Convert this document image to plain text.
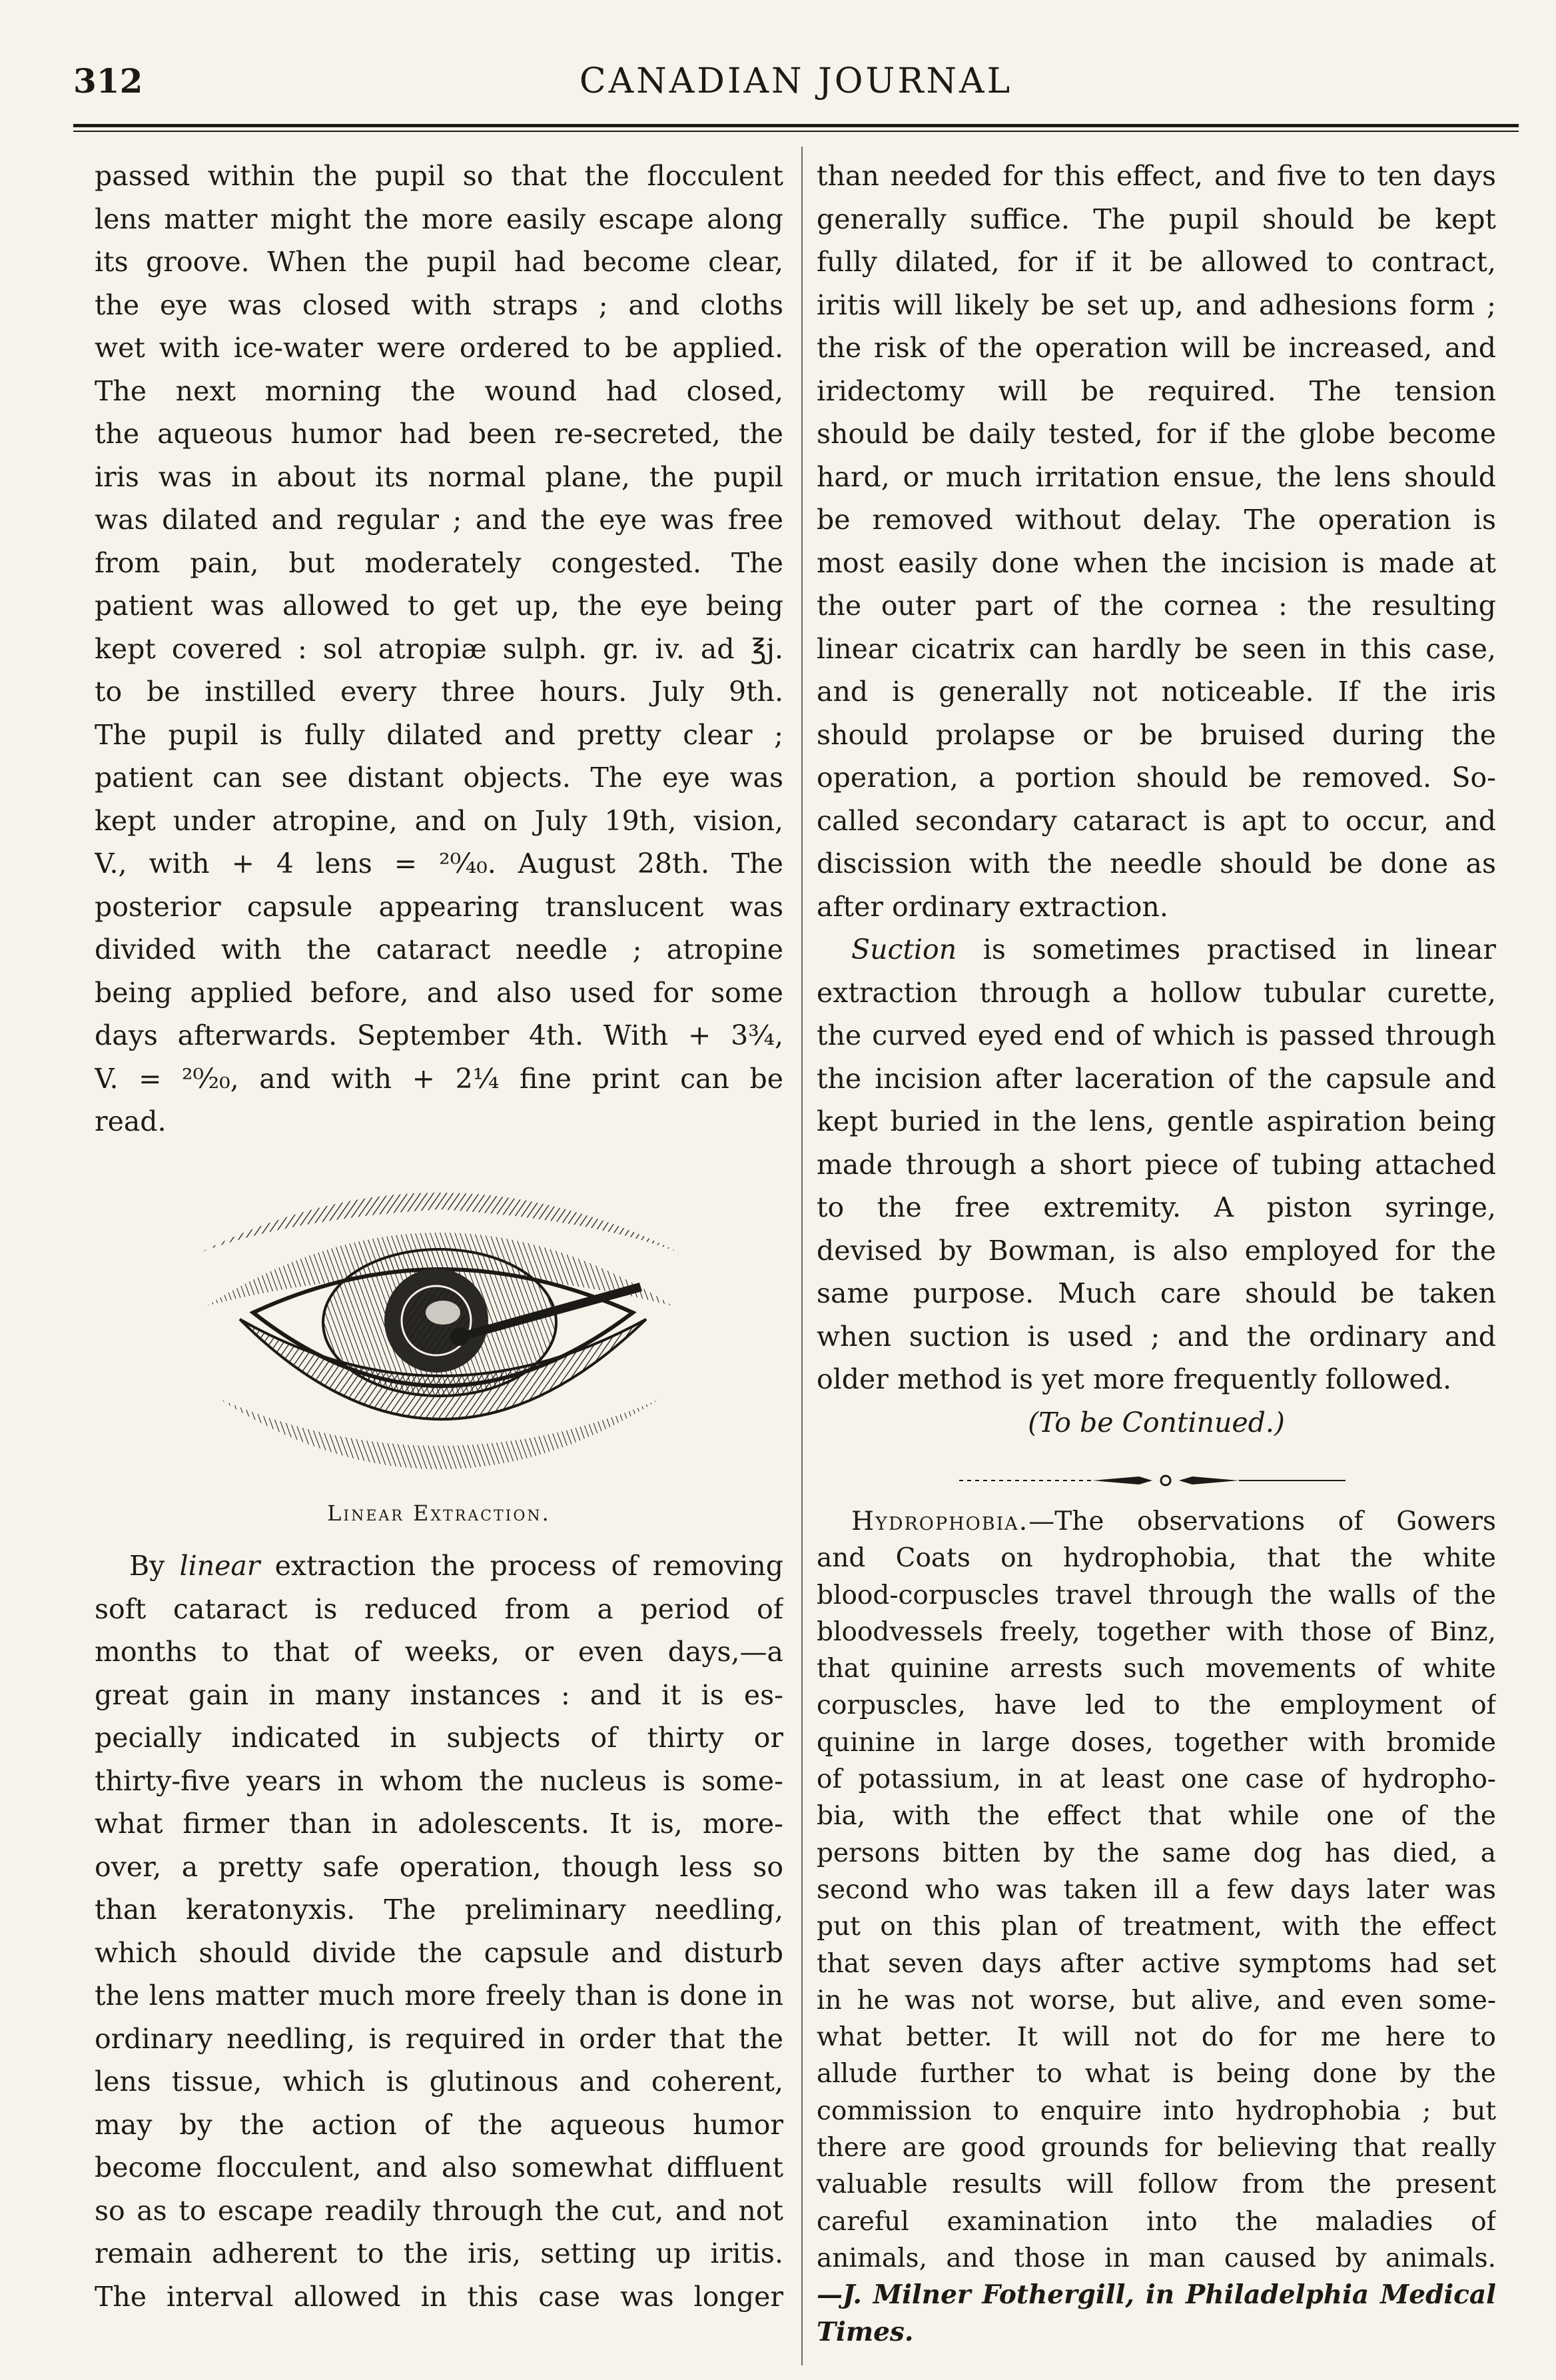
312	CANADIAN JOURNAL
passed within the pupil so that the flocculent
lens matter might the more easily escape along
its groove. When the pupil had become clear,
the eye was closed with straps ; and cloths
wet with ice-water were ordered to be applied.
The next morning the wound had closed,
the aqueous humor had been re-secreted, the
iris was in about its normal plane, the pupil
was dilated and regular ; and the eye was free
from pain, but moderately congested. The
patient was allowed to get up, the eye being
kept covered : sol atropiæ sulph. gr. iv. ad ℥j.
to be instilled every three hours. July 9th.
The pupil is fully dilated and pretty clear ;
patient can see distant objects. The eye was
kept under atropine, and on July 19th, vision,
V., with + 4 lens = ²⁰⁄₄₀. August 28th. The
posterior capsule appearing translucent was
divided with the cataract needle ; atropine
being applied before, and also used for some
days afterwards. September 4th. With + 3¾,
V. = ²⁰⁄₂₀, and with + 2¼ fine print can be
read.
Linear Extraction.
By linear extraction the process of removing
soft cataract is reduced from a period of
months to that of weeks, or even days,—a
great gain in many instances : and it is es-
pecially indicated in subjects of thirty or
thirty-five years in whom the nucleus is some-
what firmer than in adolescents. It is, more-
over, a pretty safe operation, though less so
than keratonyxis. The preliminary needling,
which should divide the capsule and disturb
the lens matter much more freely than is done in
ordinary needling, is required in order that the
lens tissue, which is glutinous and coherent,
may by the action of the aqueous humor
become flocculent, and also somewhat diffluent
so as to escape readily through the cut, and not
remain adherent to the iris, setting up iritis.
The interval allowed in this case was longer
than needed for this effect, and five to ten days
generally suffice. The pupil should be kept
fully dilated, for if it be allowed to contract,
iritis will likely be set up, and adhesions form ;
the risk of the operation will be increased, and
iridectomy will be required. The tension
should be daily tested, for if the globe become
hard, or much irritation ensue, the lens should
be removed without delay. The operation is
most easily done when the incision is made at
the outer part of the cornea : the resulting
linear cicatrix can hardly be seen in this case,
and is generally not noticeable. If the iris
should prolapse or be bruised during the
operation, a portion should be removed. So-
called secondary cataract is apt to occur, and
discission with the needle should be done as
after ordinary extraction.
Suction is sometimes practised in linear
extraction through a hollow tubular curette,
the curved eyed end of which is passed through
the incision after laceration of the capsule and
kept buried in the lens, gentle aspiration being
made through a short piece of tubing attached
to the free extremity. A piston syringe,
devised by Bowman, is also employed for the
same purpose. Much care should be taken
when suction is used ; and the ordinary and
older method is yet more frequently followed.
(To be Continued.)
Hydrophobia.—The observations of Gowers
and Coats on hydrophobia, that the white
blood-corpuscles travel through the walls of the
bloodvessels freely, together with those of Binz,
that quinine arrests such movements of white
corpuscles, have led to the employment of
quinine in large doses, together with bromide
of potassium, in at least one case of hydropho-
bia, with the effect that while one of the
persons bitten by the same dog has died, a
second who was taken ill a few days later was
put on this plan of treatment, with the effect
that seven days after active symptoms had set
in he was not worse, but alive, and even some-
what better. It will not do for me here to
allude further to what is being done by the
commission to enquire into hydrophobia ; but
there are good grounds for believing that really
valuable results will follow from the present
careful examination into the maladies of
animals, and those in man caused by animals.
—J. Milner Fothergill, in Philadelphia Medical
Times.
